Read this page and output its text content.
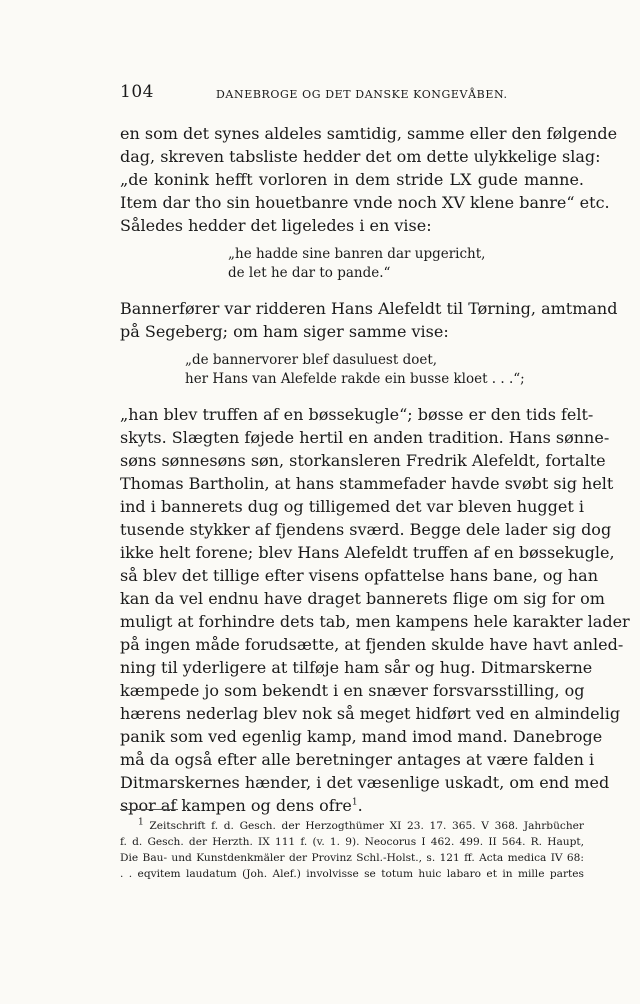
104	DANEBROGE OG DET DANSKE KONGEVÅBEN.
en som det synes aldeles samtidig, samme eller den følgende
dag, skreven tabsliste hedder det om dette ulykkelige slag:
„de konink hefft vorloren in dem stride LX gude manne.
Item dar tho sin houetbanre vnde noch XV klene banre“ etc.
Således hedder det ligeledes i en vise:
„he hadde sine banren dar upgericht,
de let he dar to pande.“
Bannerfører var ridderen Hans Alefeldt til Tørning, amtmand
på Segeberg; om ham siger samme vise:
„de bannervorer blef dasuluest doet,
her Hans van Alefelde rakde ein busse kloet . . .“;
„han blev truffen af en bøssekugle“; bøsse er den tids felt-
skyts. Slægten føjede hertil en anden tradition. Hans sønne-
søns sønnesøns søn, storkansleren Fredrik Alefeldt, fortalte
Thomas Bartholin, at hans stammefader havde svøbt sig helt
ind i bannerets dug og tilligemed det var bleven hugget i
tusende stykker af fjendens sværd. Begge dele lader sig dog
ikke helt forene; blev Hans Alefeldt truffen af en bøssekugle,
så blev det tillige efter visens opfattelse hans bane, og han
kan da vel endnu have draget bannerets flige om sig for om
muligt at forhindre dets tab, men kampens hele karakter lader
på ingen måde forudsætte, at fjenden skulde have havt anled-
ning til yderligere at tilføje ham sår og hug. Ditmarskerne
kæmpede jo som bekendt i en snæver forsvarsstilling, og
hærens nederlag blev nok så meget hidført ved en almindelig
panik som ved egenlig kamp, mand imod mand. Danebroge
må da også efter alle beretninger antages at være falden i
Ditmarskernes hænder, i det væsenlige uskadt, om end med
spor af kampen og dens ofre$^1$.
$^1$ Zeitschrift f. d. Gesch. der Herzogthümer XI 23. 17. 365. V 368. Jahrbücher
f. d. Gesch. der Herzth. IX 111 f. (v. 1. 9). Neocorus I 462. 499. II 564. R. Haupt,
Die Bau- und Kunstdenkmäler der Provinz Schl.-Holst., s. 121 ff. Acta medica IV 68:
. . eqvitem laudatum (Joh. Alef.) involvisse se totum huic labaro et in mille partes
